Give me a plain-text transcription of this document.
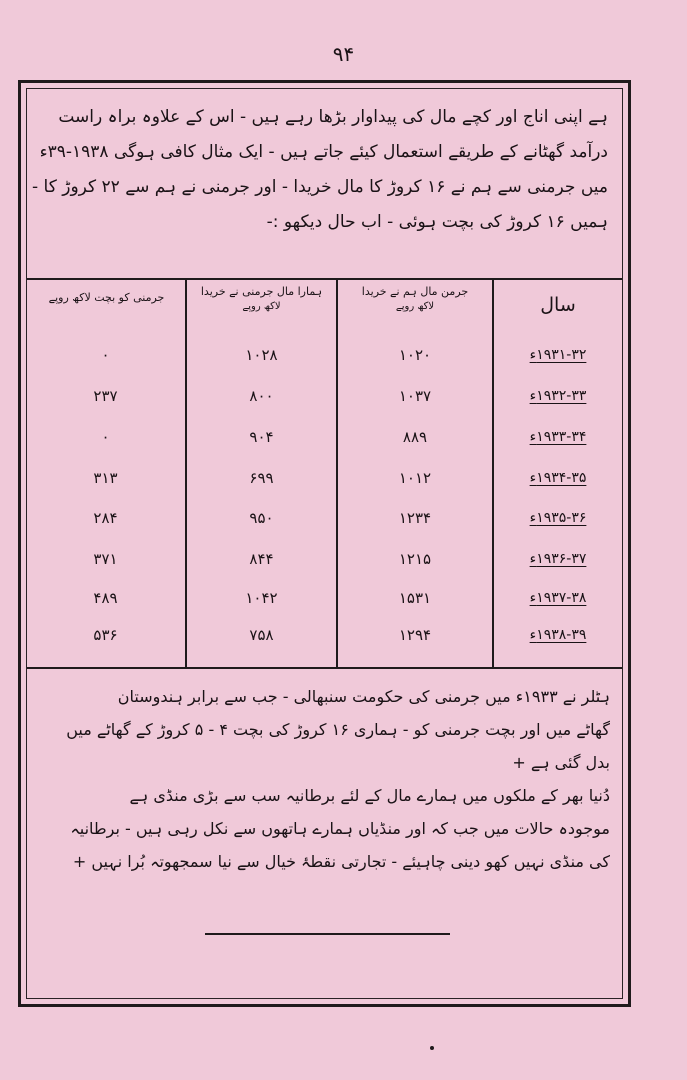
۹۴

ہے اپنی اناج اور کچے مال کی پیداوار بڑھا رہے ہیں - اس کے علاوہ براہ راست

درآمد گھٹانے کے طریقے استعمال کیئے جاتے ہیں - ایک مثال کافی ہوگی ۱۹۳۸-۳۹ء

میں جرمنی سے ہم نے ۱۶ کروڑ کا مال خریدا - اور جرمنی نے ہم سے ۲۲ کروڑ کا -

ہمیں ۱۶ کروڑ کی بچت ہوئی - اب حال دیکھو :-

سال
جرمن مال ہم نے خریدا
لاکھ روپے
ہمارا مال جرمنی نے خریدا
لاکھ روپے
جرمنی کو بچت لاکھ روپے
۱۹۳۱-۳۲ء
۱۰۲۰
۱۰۲۸
۰
۱۹۳۲-۳۳ء
۱۰۳۷
۸۰۰
۲۳۷
۱۹۳۳-۳۴ء
۸۸۹
۹۰۴
۰
۱۹۳۴-۳۵ء
۱۰۱۲
۶۹۹
۳۱۳
۱۹۳۵-۳۶ء
۱۲۳۴
۹۵۰
۲۸۴
۱۹۳۶-۳۷ء
۱۲۱۵
۸۴۴
۳۷۱
۱۹۳۷-۳۸ء
۱۵۳۱
۱۰۴۲
۴۸۹
۱۹۳۸-۳۹ء
۱۲۹۴
۷۵۸
۵۳۶

ہٹلر نے ۱۹۳۳ء میں جرمنی کی حکومت سنبھالی - جب سے برابر ہندوستان

گھاٹے میں اور بچت جرمنی کو - ہماری ۱۶ کروڑ کی بچت ۴ - ۵ کروڑ کے گھاٹے میں

بدل گئی ہے +

دُنیا بھر کے ملکوں میں ہمارے مال کے لئے برطانیہ سب سے بڑی منڈی ہے

موجودہ حالات میں جب کہ اور منڈیاں ہمارے ہاتھوں سے نکل رہی ہیں - برطانیہ

کی منڈی نہیں کھو دینی چاہیئے - تجارتی نقطۂ خیال سے نیا سمجھوتہ بُرا نہیں +
